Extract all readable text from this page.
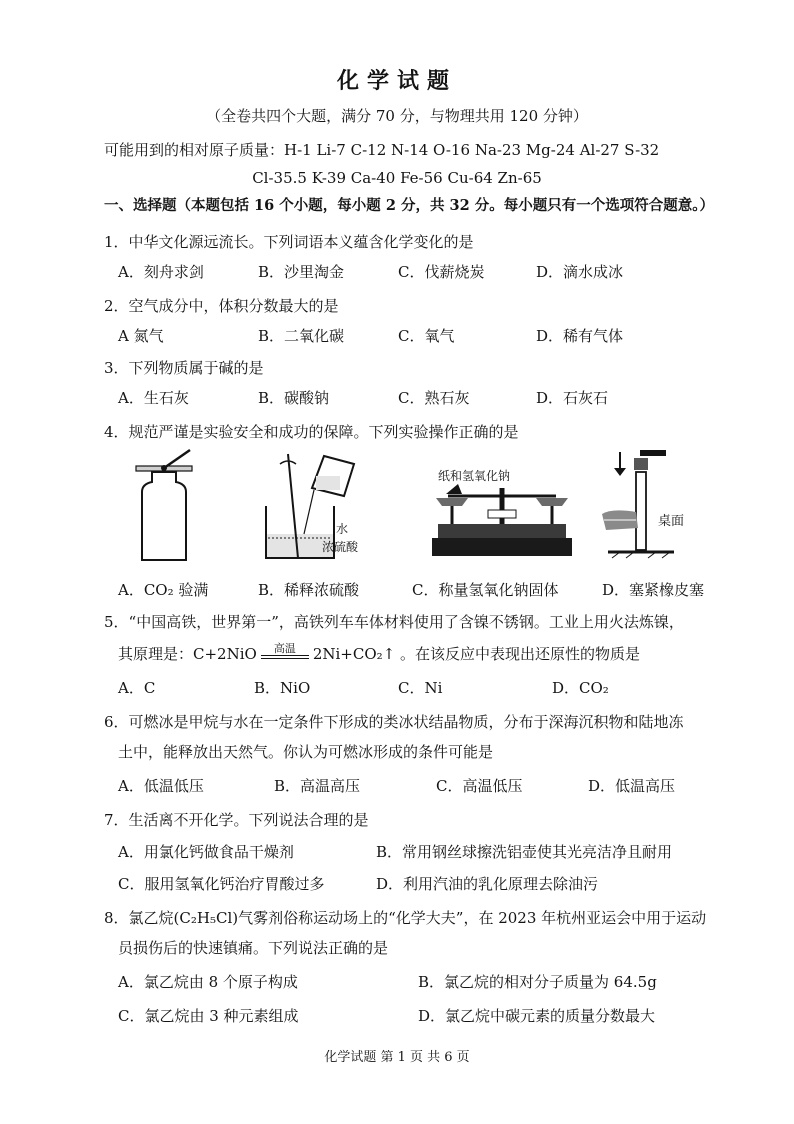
化学试题
（全卷共四个大题，满分 70 分，与物理共用 120 分钟）
可能用到的相对原子质量：H-1 Li-7 C-12 N-14 O-16 Na-23 Mg-24 Al-27 S-32
Cl-35.5 K-39 Ca-40 Fe-56 Cu-64 Zn-65
一、选择题（本题包括 16 个小题，每小题 2 分，共 32 分。每小题只有一个选项符合题意。）
1．中华文化源远流长。下列词语本义蕴含化学变化的是
A．刻舟求剑	B．沙里淘金	C．伐薪烧炭	D．滴水成冰
2．空气成分中，体积分数最大的是
A 氮气	B．二氧化碳	C．氧气	D．稀有气体
3．下列物质属于碱的是
A．生石灰	B．碳酸钠	C．熟石灰	D．石灰石
4．规范严谨是实验安全和成功的保障。下列实验操作正确的是
水
浓硫酸
纸和氢氧化钠
桌面
A．CO₂ 验满	B．稀释浓硫酸	C．称量氢氧化钠固体	D．塞紧橡皮塞
5．“中国高铁，世界第一”，高铁列车车体材料使用了含镍不锈钢。工业上用火法炼镍，
其原理是：C+2NiO	高温	2Ni+CO₂↑ 。在该反应中表现出还原性的物质是
A．C	B．NiO	C．Ni	D．CO₂
6．可燃冰是甲烷与水在一定条件下形成的类冰状结晶物质，分布于深海沉积物和陆地冻
土中，能释放出天然气。你认为可燃冰形成的条件可能是
A．低温低压	B．高温高压	C．高温低压	D．低温高压
7．生活离不开化学。下列说法合理的是
A．用氯化钙做食品干燥剂	B．常用钢丝球擦洗铝壶使其光亮洁净且耐用
C．服用氢氧化钙治疗胃酸过多	D．利用汽油的乳化原理去除油污
8．氯乙烷(C₂H₅Cl)气雾剂俗称运动场上的“化学大夫”，在 2023 年杭州亚运会中用于运动
员损伤后的快速镇痛。下列说法正确的是
A．氯乙烷由 8 个原子构成	B．氯乙烷的相对分子质量为 64.5g
C．氯乙烷由 3 种元素组成	D．氯乙烷中碳元素的质量分数最大
化学试题 第 1 页 共 6 页
